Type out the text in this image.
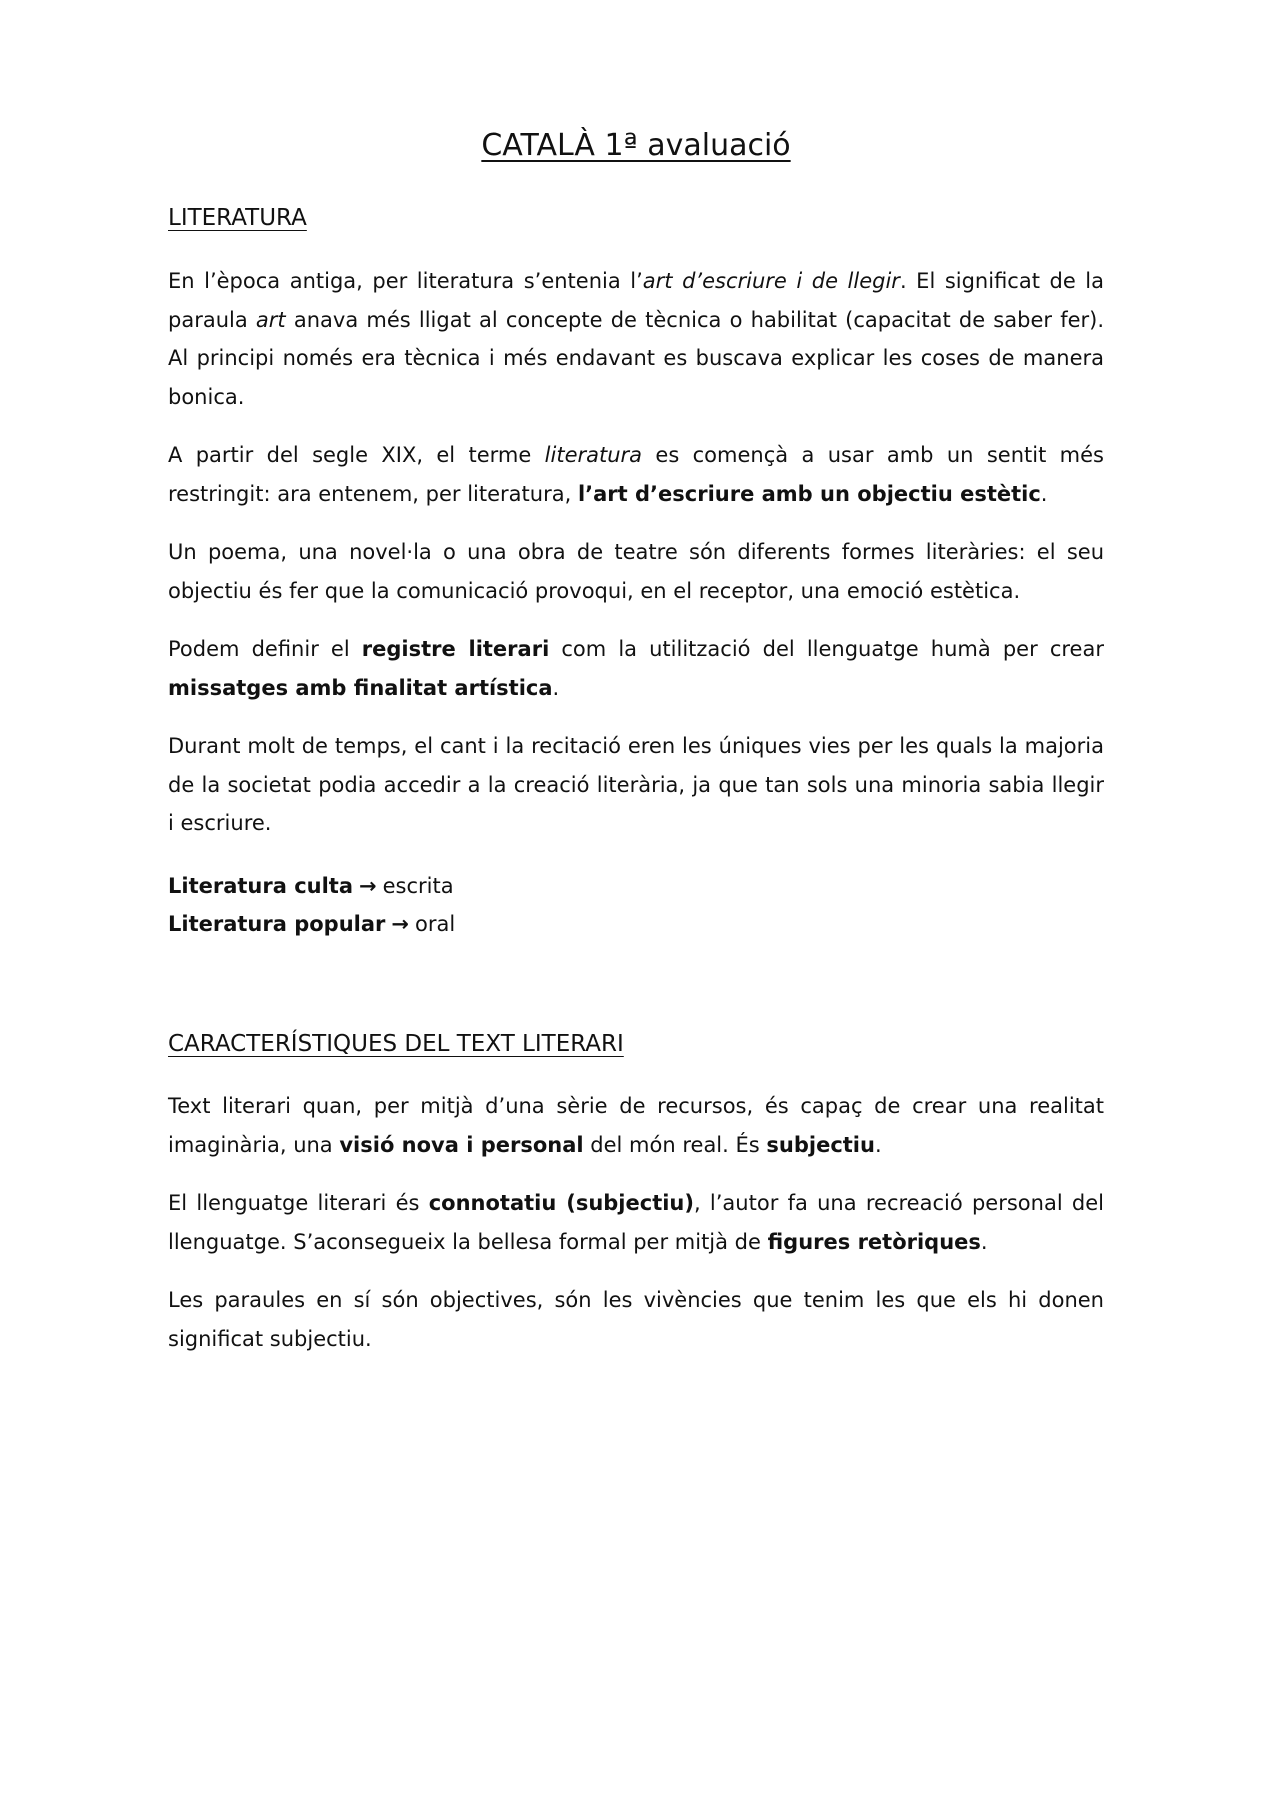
CATALÀ 1ª avaluació
LITERATURA

En l’època antiga, per literatura s’entenia l’art d’escriure i de llegir. El significat de la paraula art anava més lligat al concepte de tècnica o habilitat (capacitat de saber fer). Al principi només era tècnica i més endavant es buscava explicar les coses de manera bonica.

A partir del segle XIX, el terme literatura es començà a usar amb un sentit més restringit: ara entenem, per literatura, l’art d’escriure amb un objectiu estètic.

Un poema, una novel·la o una obra de teatre són diferents formes literàries: el seu objectiu és fer que la comunicació provoqui, en el receptor, una emoció estètica.

Podem definir el registre literari com la utilització del llenguatge humà per crear missatges amb finalitat artística.

Durant molt de temps, el cant i la recitació eren les úniques vies per les quals la majoria de la societat podia accedir a la creació literària, ja que tan sols una minoria sabia llegir i escriure.

Literatura culta → escrita

Literatura popular → oral

CARACTERÍSTIQUES DEL TEXT LITERARI

Text literari quan, per mitjà d’una sèrie de recursos, és capaç de crear una realitat imaginària, una visió nova i personal del món real. És subjectiu.

El llenguatge literari és connotatiu (subjectiu), l’autor fa una recreació personal del llenguatge. S’aconsegueix la bellesa formal per mitjà de figures retòriques.

Les paraules en sí són objectives, són les vivències que tenim les que els hi donen significat subjectiu.
